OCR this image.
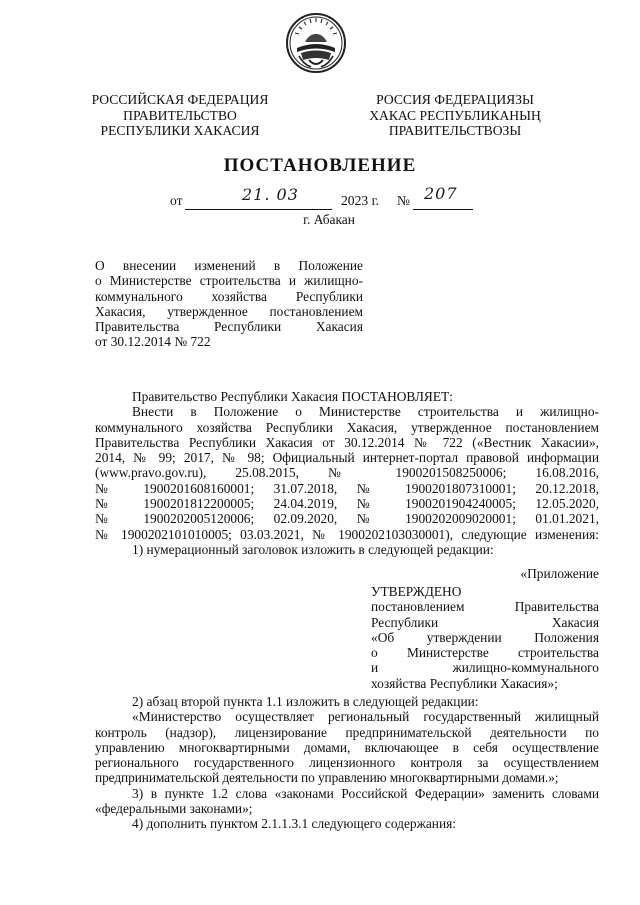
РОССИЙСКАЯ ФЕДЕРАЦИЯ
ПРАВИТЕЛЬСТВО
РЕСПУБЛИКИ ХАКАСИЯ
РОССИЯ ФЕДЕРАЦИЯЗЫ
ХАКАС РЕСПУБЛИКАНЫҢ
ПРАВИТЕЛЬСТВОЗЫ
ПОСТАНОВЛЕНИЕ
от	21. 03	2023 г. № 207
г. Абакан
О внесении изменений в Положение
о Министерстве строительства и жилищно-
коммунального хозяйства Республики
Хакасия, утвержденное постановлением
Правительства Республики Хакасия
от 30.12.2014 № 722
Правительство Республики Хакасия ПОСТАНОВЛЯЕТ:
Внести в Положение о Министерстве строительства и жилищно-
коммунального хозяйства Республики Хакасия, утвержденное постановлением
Правительства Республики Хакасия от 30.12.2014 № 722 («Вестник Хакасии»,
2014, № 99; 2017, № 98; Официальный интернет-портал правовой информации
(www.pravo.gov.ru), 25.08.2015, № 1900201508250006; 16.08.2016,
№ 1900201608160001; 31.07.2018, № 1900201807310001; 20.12.2018,
№ 1900201812200005; 24.04.2019, № 1900201904240005; 12.05.2020,
№ 1900202005120006; 02.09.2020, № 1900202009020001; 01.01.2021,
№ 1900202101010005; 03.03.2021, № 1900202103030001), следующие изменения:
1) нумерационный заголовок изложить в следующей редакции:
«Приложение
УТВЕРЖДЕНО
постановлением Правительства
Республики Хакасия
«Об утверждении Положения
о Министерстве строительства
и жилищно-коммунального
хозяйства Республики Хакасия»;
2) абзац второй пункта 1.1 изложить в следующей редакции:
«Министерство осуществляет региональный государственный жилищный
контроль (надзор), лицензирование предпринимательской деятельности по
управлению многоквартирными домами, включающее в себя осуществление
регионального государственного лицензионного контроля за осуществлением
предпринимательской деятельности по управлению многоквартирными домами.»;
3) в пункте 1.2 слова «законами Российской Федерации» заменить словами
«федеральными законами»;
4) дополнить пунктом 2.1.1.3.1 следующего содержания:
